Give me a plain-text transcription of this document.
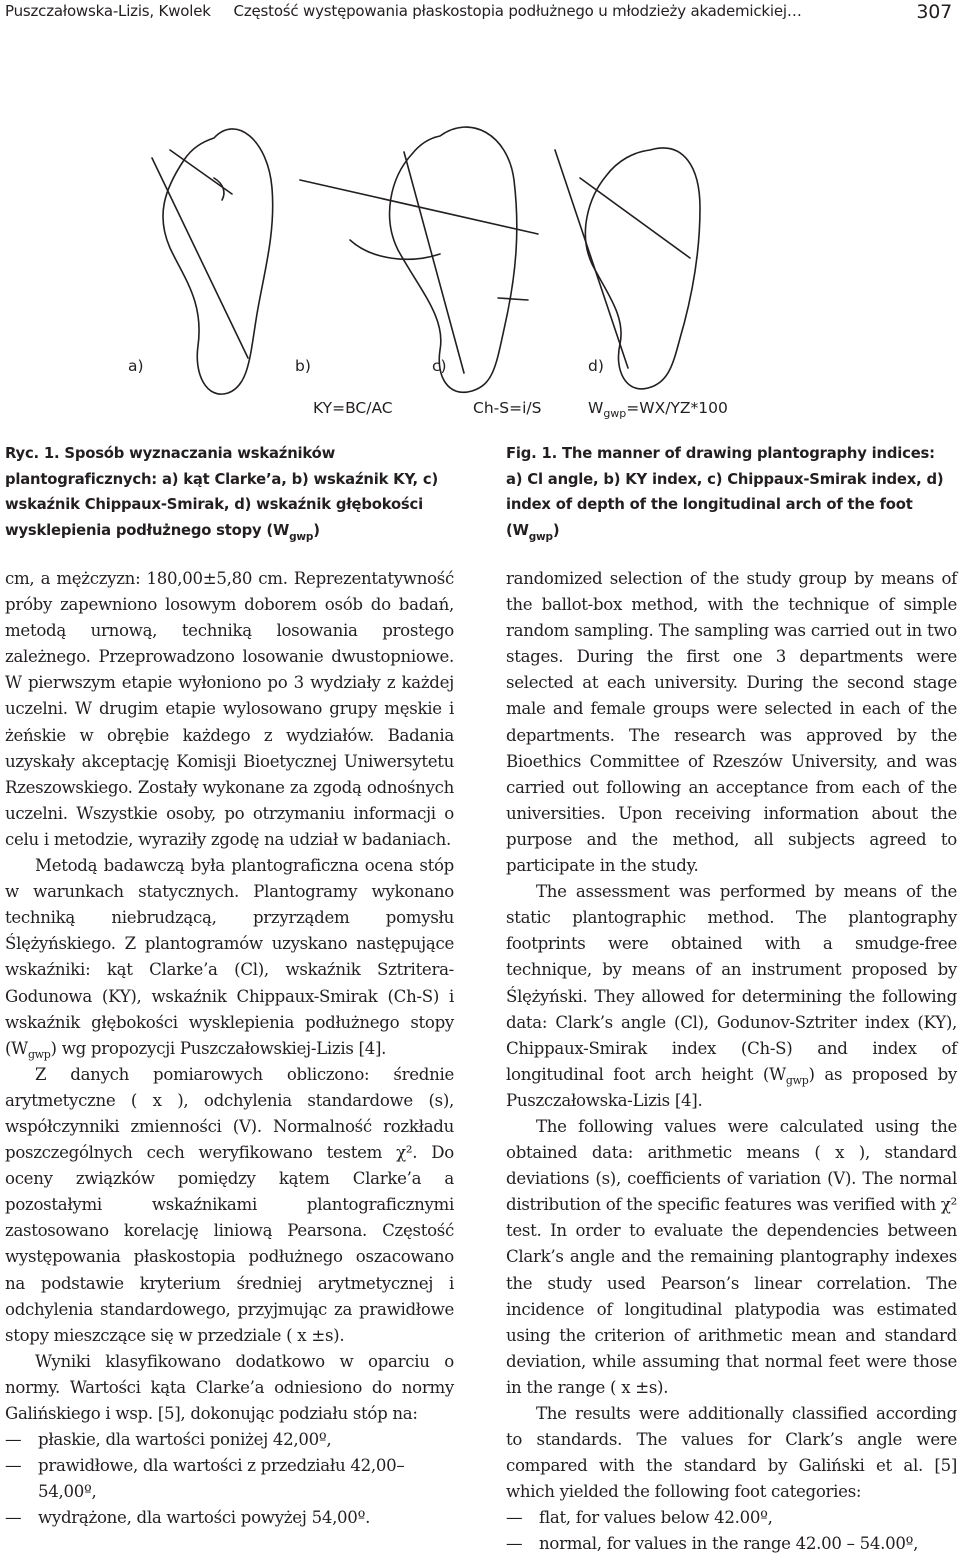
Puszczałowska-Lizis, Kwolek     Częstość występowania płaskostopia podłużnego u młodzieży akademickiej…	307
a)	b)	c)	d)
KY=BC/AC	Ch-S=i/S	$W_{gwp}=WX/YZ*100$
Ryc. 1. Sposób wyznaczania wskaźników plantograficznych: a) kąt Clarke’a, b) wskaźnik KY, c) wskaźnik Chippaux-Smirak, d) wskaźnik głębokości wysklepienia podłużnego stopy $(W_{gwp})$
Fig. 1. The manner of drawing plantography indices: a) Cl angle, b) KY index, c) Chippaux-Smirak index, d) index of depth of the longitudinal arch of the foot $(W_{gwp})$

cm, a mężczyzn: 180,00±5,80 cm. Reprezentatywność próby zapewniono losowym doborem osób do badań, metodą urnową, techniką losowania prostego zależnego. Przeprowadzono losowanie dwustopniowe. W pierwszym etapie wyłoniono po 3 wydziały z każdej uczelni. W drugim etapie wylosowano grupy męskie i żeńskie w obrębie każdego z wydziałów. Badania uzyskały akceptację Komisji Bioetycznej Uniwersytetu Rzeszowskiego. Zostały wykonane za zgodą odnośnych uczelni. Wszystkie osoby, po otrzymaniu informacji o celu i metodzie, wyraziły zgodę na udział w badaniach.

Metodą badawczą była plantograficzna ocena stóp w warunkach statycznych. Plantogramy wykonano techniką niebrudzącą, przyrządem pomysłu Ślężyńskiego. Z plantogramów uzyskano następujące wskaźniki: kąt Clarke’a (Cl), wskaźnik Sztritera-Godunowa (KY), wskaźnik Chippaux-Smirak (Ch-S) i wskaźnik głębokości wysklepienia podłużnego stopy $(W_{gwp})$ wg propozycji Puszczałowskiej-Lizis [4].

Z danych pomiarowych obliczono: średnie arytmetyczne ( x ), odchylenia standardowe (s), współczynniki zmienności (V). Normalność rozkładu poszczególnych cech weryfikowano testem χ². Do oceny związków pomiędzy kątem Clarke’a a pozostałymi wskaźnikami plantograficznymi zastosowano korelację liniową Pearsona. Częstość występowania płaskostopia podłużnego oszacowano na podstawie kryterium średniej arytmetycznej i odchylenia standardowego, przyjmując za prawidłowe stopy mieszczące się w przedziale ( x ±s).

Wyniki klasyfikowano dodatkowo w oparciu o normy. Wartości kąta Clarke’a odniesiono do normy Galińskiego i wsp. [5], dokonując podziału stóp na:

— płaskie, dla wartości poniżej 42,00º,
— prawidłowe, dla wartości z przedziału 42,00–54,00º,
— wydrążone, dla wartości powyżej 54,00º.

randomized selection of the study group by means of the ballot-box method, with the technique of simple random sampling. The sampling was carried out in two stages. During the first one 3 departments were selected at each university. During the second stage male and female groups were selected in each of the departments. The research was approved by the Bioethics Committee of Rzeszów University, and was carried out following an acceptance from each of the universities. Upon receiving information about the purpose and the method, all subjects agreed to participate in the study.

The assessment was performed by means of the static plantographic method. The plantography footprints were obtained with a smudge-free technique, by means of an instrument proposed by Ślężyński. They allowed for determining the following data: Clark’s angle (Cl), Godunov-Sztriter index (KY), Chippaux-Smirak index (Ch-S) and index of longitudinal foot arch height $(W_{gwp})$ as proposed by Puszczałowska-Lizis [4].

The following values were calculated using the obtained data: arithmetic means ( x ), standard deviations (s), coefficients of variation (V). The normal distribution of the specific features was verified with χ² test. In order to evaluate the dependencies between Clark’s angle and the remaining plantography indexes the study used Pearson’s linear correlation. The incidence of longitudinal platypodia was estimated using the criterion of arithmetic mean and standard deviation, while assuming that normal feet were those in the range ( x ±s).

The results were additionally classified according to standards. The values for Clark’s angle were compared with the standard by Galiński et al. [5] which yielded the following foot categories:

— flat, for values below 42.00º,
— normal, for values in the range 42.00 – 54.00º,
